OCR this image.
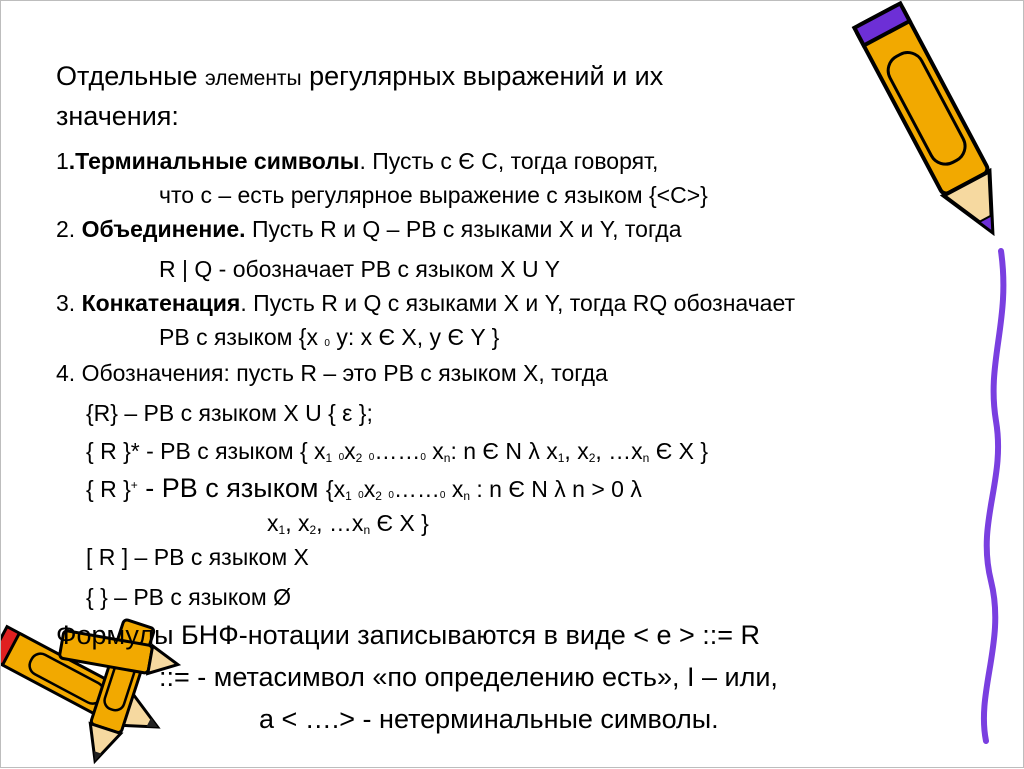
Отдельные элементы регулярных выражений и их
значения:
1.Терминальные символы. Пусть c Є C, тогда говорят,
что c – есть регулярное выражение с языком {<C>}
2. Объединение. Пусть R и Q – РВ с языками X и Y, тогда
R | Q - обозначает РВ с языком X U Y
3. Конкатенация. Пусть R и Q с языками X и Y, тогда RQ обозначает
РВ с языком {x $_0$ y: x Є X, y Є Y }
4. Обозначения: пусть R – это РВ с языком X, тогда
{R} – РВ с языком X U { ε };
{ R }* - РВ с языком { $x_1$ $_0x_2$ $_0\dots\dots_0$ $x_n$: n Є N λ $x_1$, $x_2$, $\dots x_n$ Є X }
{ R }+ - РВ с языком {$x_1$ $_0x_2$ $_0\dots\dots_0$ $x_n$ : n Є N λ n > 0 λ
$x_1$, $x_2$, $\dots x_n$ Є X }
[ R ] – РВ с языком X
{ } – РВ с языком Ø
Формулы БНФ-нотации записываются в виде < e > ::= R
::= - метасимвол «по определению есть», I – или,
а < ….> - нетерминальные символы.
